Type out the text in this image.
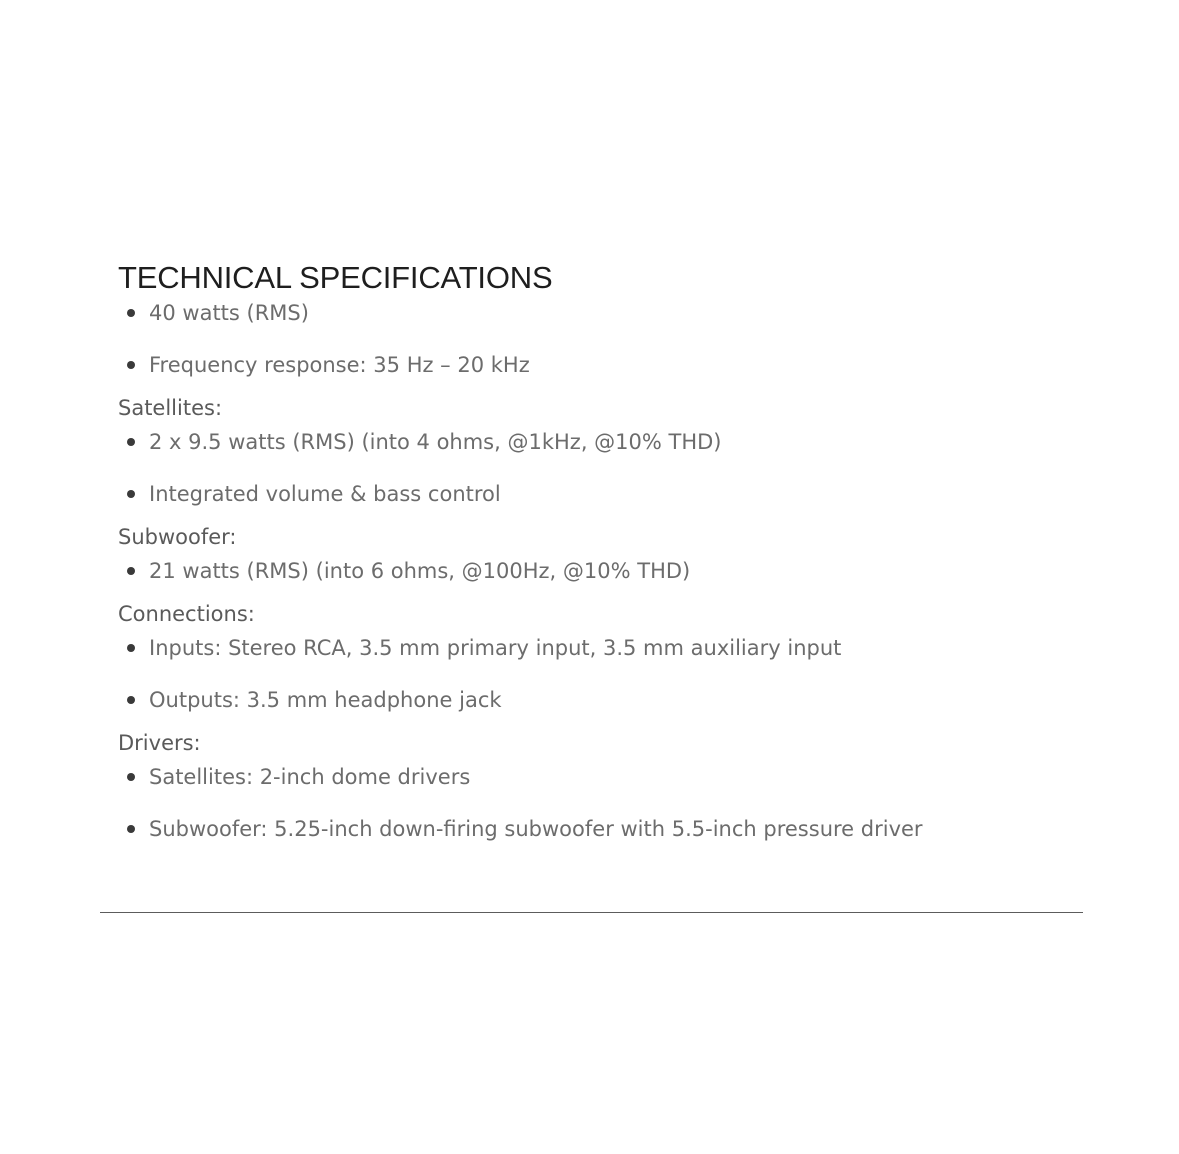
TECHNICAL SPECIFICATIONS
40 watts (RMS)
Frequency response: 35 Hz – 20 kHz
Satellites:
2 x 9.5 watts (RMS) (into 4 ohms, @1kHz, @10% THD)
Integrated volume & bass control
Subwoofer:
21 watts (RMS) (into 6 ohms, @100Hz, @10% THD)
Connections:
Inputs: Stereo RCA, 3.5 mm primary input, 3.5 mm auxiliary input
Outputs: 3.5 mm headphone jack
Drivers:
Satellites: 2-inch dome drivers
Subwoofer: 5.25-inch down-firing subwoofer with 5.5-inch pressure driver
